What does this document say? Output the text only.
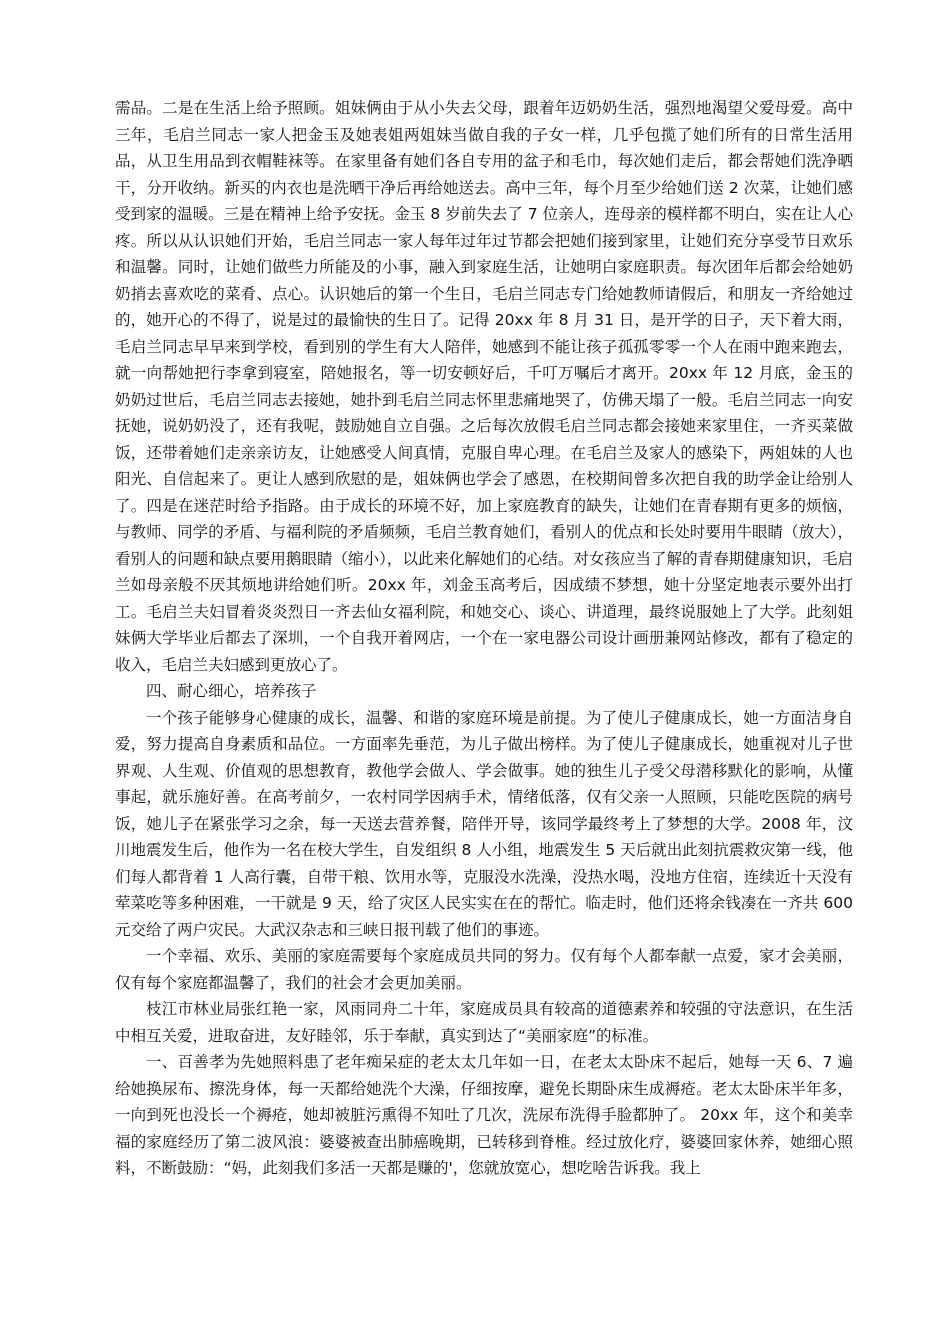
需品。二是在生活上给予照顾。姐妹俩由于从小失去父母，跟着年迈奶奶生活，强烈地渴望父爱母爱。高中三年，毛启兰同志一家人把金玉及她表姐两姐妹当做自我的子女一样，几乎包揽了她们所有的日常生活用品，从卫生用品到衣帽鞋袜等。在家里备有她们各自专用的盆子和毛巾，每次她们走后，都会帮她们洗净晒干，分开收纳。新买的内衣也是洗晒干净后再给她送去。高中三年，每个月至少给她们送 2 次菜，让她们感受到家的温暖。三是在精神上给予安抚。金玉 8 岁前失去了 7 位亲人，连母亲的模样都不明白，实在让人心疼。所以从认识她们开始，毛启兰同志一家人每年过年过节都会把她们接到家里，让她们充分享受节日欢乐和温馨。同时，让她们做些力所能及的小事，融入到家庭生活，让她明白家庭职责。每次团年后都会给她奶奶捎去喜欢吃的菜肴、点心。认识她后的第一个生日，毛启兰同志专门给她教师请假后，和朋友一齐给她过的，她开心的不得了，说是过的最愉快的生日了。记得 20xx 年 8 月 31 日，是开学的日子，天下着大雨，毛启兰同志早早来到学校，看到别的学生有大人陪伴，她感到不能让孩子孤孤零零一个人在雨中跑来跑去，就一向帮她把行李拿到寝室，陪她报名，等一切安顿好后，千叮万嘱后才离开。20xx 年 12 月底，金玉的奶奶过世后，毛启兰同志去接她，她扑到毛启兰同志怀里悲痛地哭了，仿佛天塌了一般。毛启兰同志一向安抚她，说奶奶没了，还有我呢，鼓励她自立自强。之后每次放假毛启兰同志都会接她来家里住，一齐买菜做饭，还带着她们走亲亲访友，让她感受人间真情，克服自卑心理。在毛启兰及家人的感染下，两姐妹的人也阳光、自信起来了。更让人感到欣慰的是，姐妹俩也学会了感恩，在校期间曾多次把自我的助学金让给别人了。四是在迷茫时给予指路。由于成长的环境不好，加上家庭教育的缺失，让她们在青春期有更多的烦恼，与教师、同学的矛盾、与福利院的矛盾频频，毛启兰教育她们，看别人的优点和长处时要用牛眼睛（放大），看别人的问题和缺点要用鹅眼睛（缩小），以此来化解她们的心结。对女孩应当了解的青春期健康知识，毛启兰如母亲般不厌其烦地讲给她们听。20xx 年，刘金玉高考后，因成绩不梦想，她十分坚定地表示要外出打工。毛启兰夫妇冒着炎炎烈日一齐去仙女福利院，和她交心、谈心、讲道理，最终说服她上了大学。此刻姐妹俩大学毕业后都去了深圳，一个自我开着网店，一个在一家电器公司设计画册兼网站修改，都有了稳定的收入，毛启兰夫妇感到更放心了。

四、耐心细心，培养孩子

一个孩子能够身心健康的成长，温馨、和谐的家庭环境是前提。为了使儿子健康成长，她一方面洁身自爱，努力提高自身素质和品位。一方面率先垂范，为儿子做出榜样。为了使儿子健康成长，她重视对儿子世界观、人生观、价值观的思想教育，教他学会做人、学会做事。她的独生儿子受父母潜移默化的影响，从懂事起，就乐施好善。在高考前夕，一农村同学因病手术，情绪低落，仅有父亲一人照顾，只能吃医院的病号饭，她儿子在紧张学习之余，每一天送去营养餐，陪伴开导，该同学最终考上了梦想的大学。2008 年，汶川地震发生后，他作为一名在校大学生，自发组织 8 人小组，地震发生 5 天后就出此刻抗震救灾第一线，他们每人都背着 1 人高行囊，自带干粮、饮用水等，克服没水洗澡，没热水喝，没地方住宿，连续近十天没有荤菜吃等多种困难，一干就是 9 天，给了灾区人民实实在在的帮忙。临走时，他们还将余钱凑在一齐共 600 元交给了两户灾民。大武汉杂志和三峡日报刊载了他们的事迹。

一个幸福、欢乐、美丽的家庭需要每个家庭成员共同的努力。仅有每个人都奉献一点爱，家才会美丽，仅有每个家庭都温馨了，我们的社会才会更加美丽。

枝江市林业局张红艳一家，风雨同舟二十年，家庭成员具有较高的道德素养和较强的守法意识，在生活中相互关爱，进取奋进，友好睦邻，乐于奉献，真实到达了“美丽家庭”的标准。

一、百善孝为先她照料患了老年痴呆症的老太太几年如一日，在老太太卧床不起后，她每一天 6、7 遍给她换尿布、擦洗身体，每一天都给她洗个大澡，仔细按摩，避免长期卧床生成褥疮。老太太卧床半年多，一向到死也没长一个褥疮，她却被脏污熏得不知吐了几次，洗尿布洗得手脸都肿了。 20xx 年，这个和美幸福的家庭经历了第二波风浪：婆婆被查出肺癌晚期，已转移到脊椎。经过放化疗，婆婆回家休养，她细心照料，不断鼓励：“妈，此刻我们多活一天都是赚的'，您就放宽心，想吃啥告诉我。我上
